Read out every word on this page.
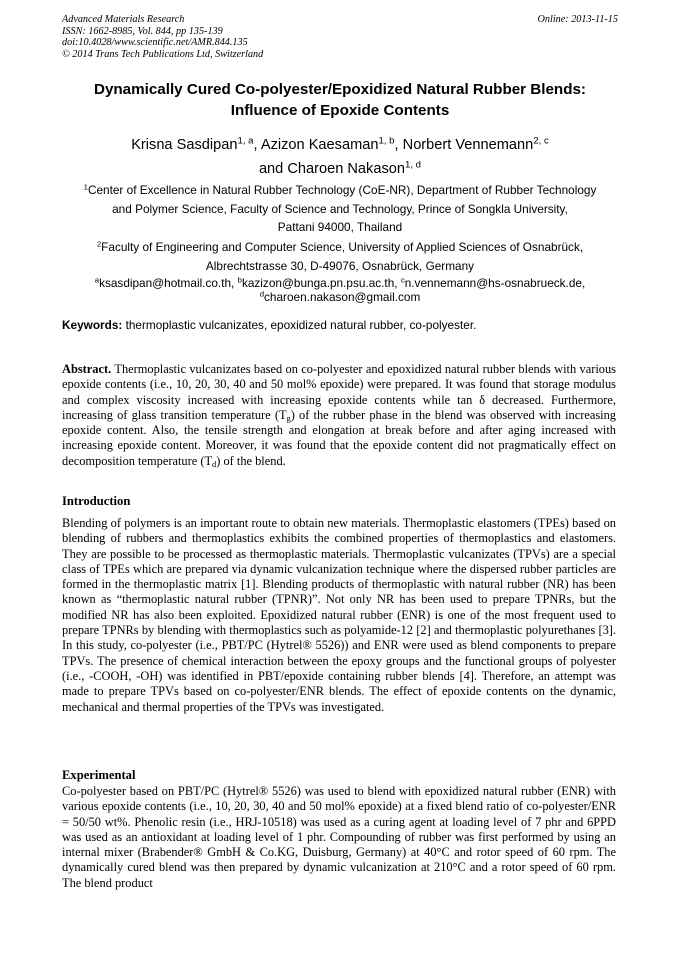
Advanced Materials Research
ISSN: 1662-8985, Vol. 844, pp 135-139
doi:10.4028/www.scientific.net/AMR.844.135
© 2014 Trans Tech Publications Ltd, Switzerland
Online: 2013-11-15
Dynamically Cured Co-polyester/Epoxidized Natural Rubber Blends:
Influence of Epoxide Contents
Krisna Sasdipan$^{1, a}$, Azizon Kaesaman$^{1, b}$, Norbert Vennemann$^{2, c}$
and Charoen Nakason$^{1, d}$
$^1$Center of Excellence in Natural Rubber Technology (CoE-NR), Department of Rubber Technology
and Polymer Science, Faculty of Science and Technology, Prince of Songkla University,
Pattani 94000, Thailand
$^2$Faculty of Engineering and Computer Science, University of Applied Sciences of Osnabrück,
Albrechtstrasse 30, D-49076, Osnabrück, Germany
$^a$ksasdipan@hotmail.co.th, $^b$kazizon@bunga.pn.psu.ac.th, $^c$n.vennemann@hs-osnabrueck.de,
$^d$charoen.nakason@gmail.com
Keywords: thermoplastic vulcanizates, epoxidized natural rubber, co-polyester.
Abstract. Thermoplastic vulcanizates based on co-polyester and epoxidized natural rubber blends with various epoxide contents (i.e., 10, 20, 30, 40 and 50 mol% epoxide) were prepared. It was found that storage modulus and complex viscosity increased with increasing epoxide contents while tan δ decreased. Furthermore, increasing of glass transition temperature $(T_g)$ of the rubber phase in the blend was observed with increasing epoxide content. Also, the tensile strength and elongation at break before and after aging increased with increasing epoxide content. Moreover, it was found that the epoxide content did not pragmatically effect on decomposition temperature $(T_d)$ of the blend.
Introduction
Blending of polymers is an important route to obtain new materials. Thermoplastic elastomers (TPEs) based on blending of rubbers and thermoplastics exhibits the combined properties of thermoplastics and elastomers. They are possible to be processed as thermoplastic materials. Thermoplastic vulcanizates (TPVs) are a special class of TPEs which are prepared via dynamic vulcanization technique where the dispersed rubber particles are formed in the thermoplastic matrix [1]. Blending products of thermoplastic with natural rubber (NR) has been known as “thermoplastic natural rubber (TPNR)”. Not only NR has been used to prepare TPNRs, but the modified NR has also been exploited. Epoxidized natural rubber (ENR) is one of the most frequent used to prepare TPNRs by blending with thermoplastics such as polyamide-12 [2] and thermoplastic polyurethanes [3]. In this study, co-polyester (i.e., PBT/PC (Hytrel® 5526)) and ENR were used as blend components to prepare TPVs. The presence of chemical interaction between the epoxy groups and the functional groups of polyester (i.e., -COOH, -OH) was identified in PBT/epoxide containing rubber blends [4]. Therefore, an attempt was made to prepare TPVs based on co-polyester/ENR blends. The effect of epoxide contents on the dynamic, mechanical and thermal properties of the TPVs was investigated.
Experimental
Co-polyester based on PBT/PC (Hytrel® 5526) was used to blend with epoxidized natural rubber (ENR) with various epoxide contents (i.e., 10, 20, 30, 40 and 50 mol% epoxide) at a fixed blend ratio of co-polyester/ENR = 50/50 wt%. Phenolic resin (i.e., HRJ-10518) was used as a curing agent at loading level of 7 phr and 6PPD was used as an antioxidant at loading level of 1 phr. Compounding of rubber was first performed by using an internal mixer (Brabender® GmbH & Co.KG, Duisburg, Germany) at 40°C and rotor speed of 60 rpm. The dynamically cured blend was then prepared by dynamic vulcanization at 210°C and a rotor speed of 60 rpm. The blend product
